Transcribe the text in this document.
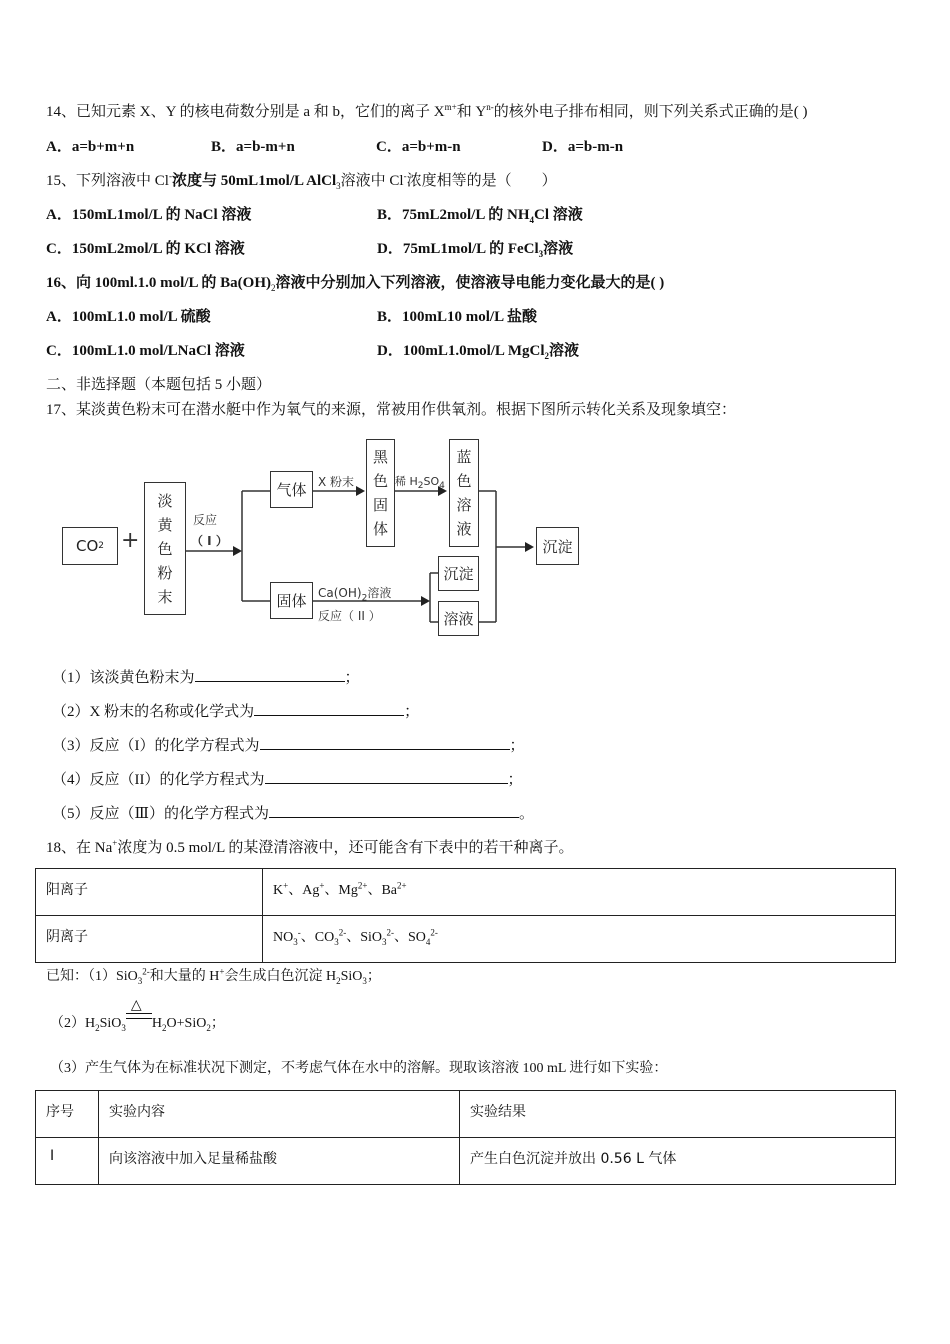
14、已知元素 X、Y 的核电荷数分别是 a 和 b，它们的离子 $X^{m+}$和 $Y^{n-}$的核外电子排布相同，则下列关系式正确的是( )
A．a=b+m+n	B．a=b-m+n	C．a=b+m-n	D．a=b-m-n
15、下列溶液中 Cl-浓度与 50mL1mol/L AlCl$_3$溶液中 Cl-浓度相等的是（　　）
A．150mL1mol/L 的 NaCl 溶液	B．75mL2mol/L 的 $NH_4Cl$ 溶液
C．150mL2mol/L 的 KCl 溶液	D．75mL1mol/L 的 FeCl$_3$溶液
16、向 100ml.1.0 mol/L 的 $Ba(OH)_2$溶液中分别加入下列溶液，使溶液导电能力变化最大的是( )
A．100mL1.0 mol/L 硫酸	B．100mL10 mol/L 盐酸
C．100mL1.0 mol/LNaCl 溶液	D．100mL1.0mol/L MgCl$_2$溶液
二、非选择题（本题包括 5 小题）
17、某淡黄色粉末可在潜水艇中作为氧气的来源，常被用作供氧剂。根据下图所示转化关系及现象填空：
CO 2 +
淡
黄
色
粉
末
反应
（ I ）
气体 X 粉末
黑
色
固
体
稀 $H_2SO_4$
蓝
色
溶
液
沉淀
固体 $Ca(OH)_2$溶液
反应（ II ）
沉淀
溶液
（1）该淡黄色粉末为	；
（2）X 粉末的名称或化学式为	；
（3）反应（I）的化学方程式为	；
（4）反应（II）的化学方程式为	；
（5）反应（Ⅲ）的化学方程式为	。
18、在 Na+浓度为 0.5 mol/L 的某澄清溶液中，还可能含有下表中的若干种离子。
阳离子	K+、Ag+、$Mg^{2+}$、$Ba^{2+}$
阴离子	$NO_3^-$、$CO_3^{2-}$、SiO$_3^{2-}$、$SO_4^{2-}$
已知：（1）SiO$_3^{2-}$和大量的 H+会生成白色沉淀 $H_2SiO_3$；
$(2)H_2SiO_3$
△
$H_2O+SiO_2$；
（3）产生气体为在标准状况下测定，不考虑气体在水中的溶解。现取该溶液 100 mL 进行如下实验：
序号	实验内容	实验结果
Ⅰ	向该溶液中加入足量稀盐酸	产生白色沉淀并放出 0.56 L 气体
